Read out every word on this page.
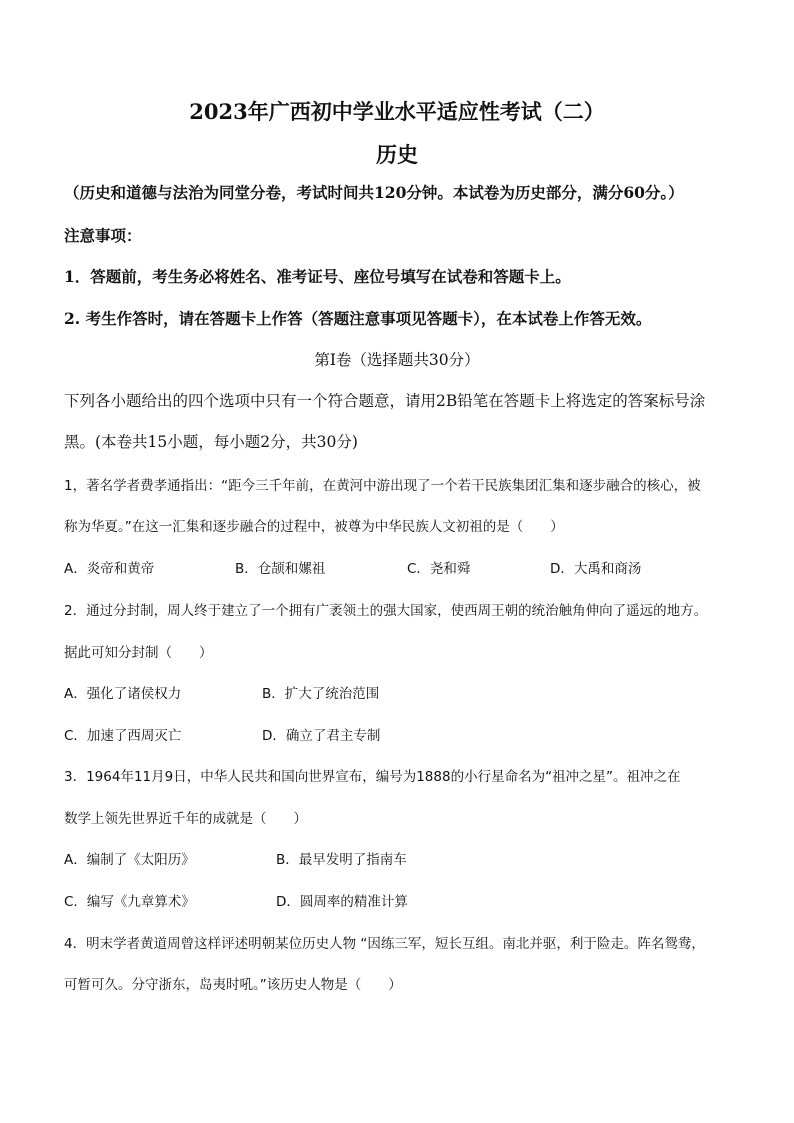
2023年广西初中学业水平适应性考试（二）
历史
（历史和道德与法治为同堂分卷，考试时间共120分钟。本试卷为历史部分，满分60分。）
注意事项：
1．答题前，考生务必将姓名、准考证号、座位号填写在试卷和答题卡上。
2. 考生作答时，请在答题卡上作答（答题注意事项见答题卡），在本试卷上作答无效。
第Ⅰ卷（选择题共30分）
下列各小题给出的四个选项中只有一个符合题意，请用2B铅笔在答题卡上将选定的答案标号涂
黑。(本卷共15小题，每小题2分，共30分)
1，著名学者费孝通指出：“距今三千年前，在黄河中游出现了一个若干民族集团汇集和逐步融合的核心，被
称为华夏。”在这一汇集和逐步融合的过程中，被尊为中华民族人文初祖的是（　　）
A．炎帝和黄帝	B．仓颉和嫘祖	C．尧和舜	D．大禹和商汤
2．通过分封制，周人终于建立了一个拥有广袤领土的强大国家，使西周王朝的统治触角伸向了遥远的地方。
据此可知分封制（　　）
A．强化了诸侯权力	B．扩大了统治范围
C．加速了西周灭亡	D．确立了君主专制
3．1964年11月9日，中华人民共和国向世界宣布，编号为1888的小行星命名为“祖冲之星”。祖冲之在
数学上领先世界近千年的成就是（　　）
A．编制了《太阳历》	B．最早发明了指南车
C．编写《九章算术》	D．圆周率的精准计算
4．明末学者黄道周曾这样评述明朝某位历史人物 “因练三军，短长互组。南北并驱，利于险走。阵名鸳鸯，
可暂可久。分守浙东，岛夷时吼。”该历史人物是（　　）
